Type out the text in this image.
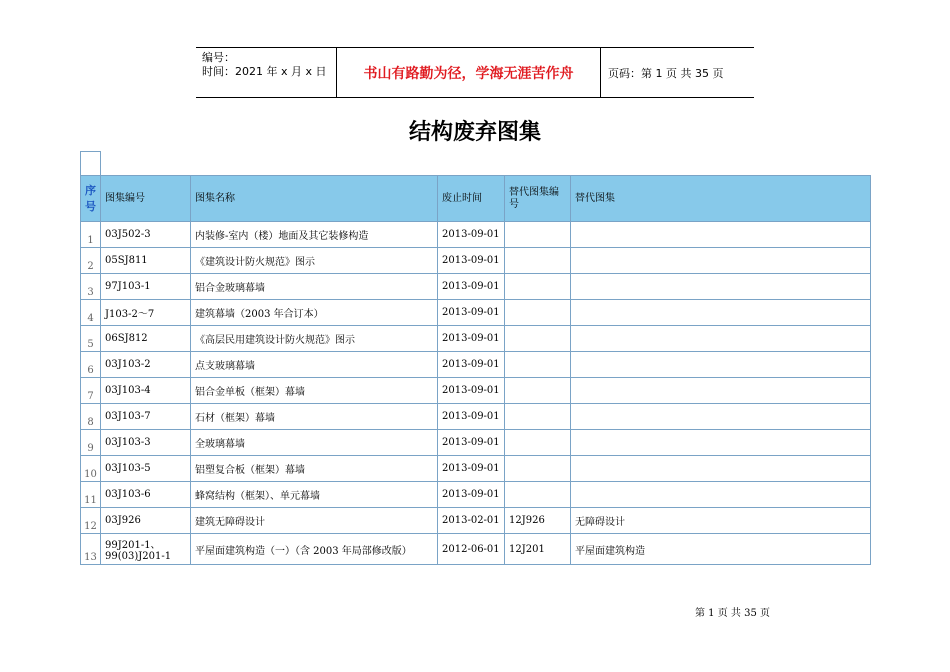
编号：
时间：2021 年 x 月 x 日	书山有路勤为径，学海无涯苦作舟	页码：第 1 页 共 35 页
结构废弃图集
序号	图集编号	图集名称	废止时间	替代图集编号	替代图集
1	03J502-3	内装修-室内（楼）地面及其它装修构造	2013-09-01		
2	05SJ811	《建筑设计防火规范》图示	2013-09-01		
3	97J103-1	铝合金玻璃幕墙	2013-09-01		
4	J103-2～7	建筑幕墙（2003 年合订本）	2013-09-01		
5	06SJ812	《高层民用建筑设计防火规范》图示	2013-09-01		
6	03J103-2	点支玻璃幕墙	2013-09-01		
7	03J103-4	铝合金单板（框架）幕墙	2013-09-01		
8	03J103-7	石材（框架）幕墙	2013-09-01		
9	03J103-3	全玻璃幕墙	2013-09-01		
10	03J103-5	铝塑复合板（框架）幕墙	2013-09-01		
11	03J103-6	蜂窝结构（框架）、单元幕墙	2013-09-01		
12	03J926	建筑无障碍设计	2013-02-01	12J926	无障碍设计
13	99J201-1、99(03)J201-1	平屋面建筑构造（一）（含 2003 年局部修改版）	2012-06-01	12J201	平屋面建筑构造
第 1 页 共 35 页
